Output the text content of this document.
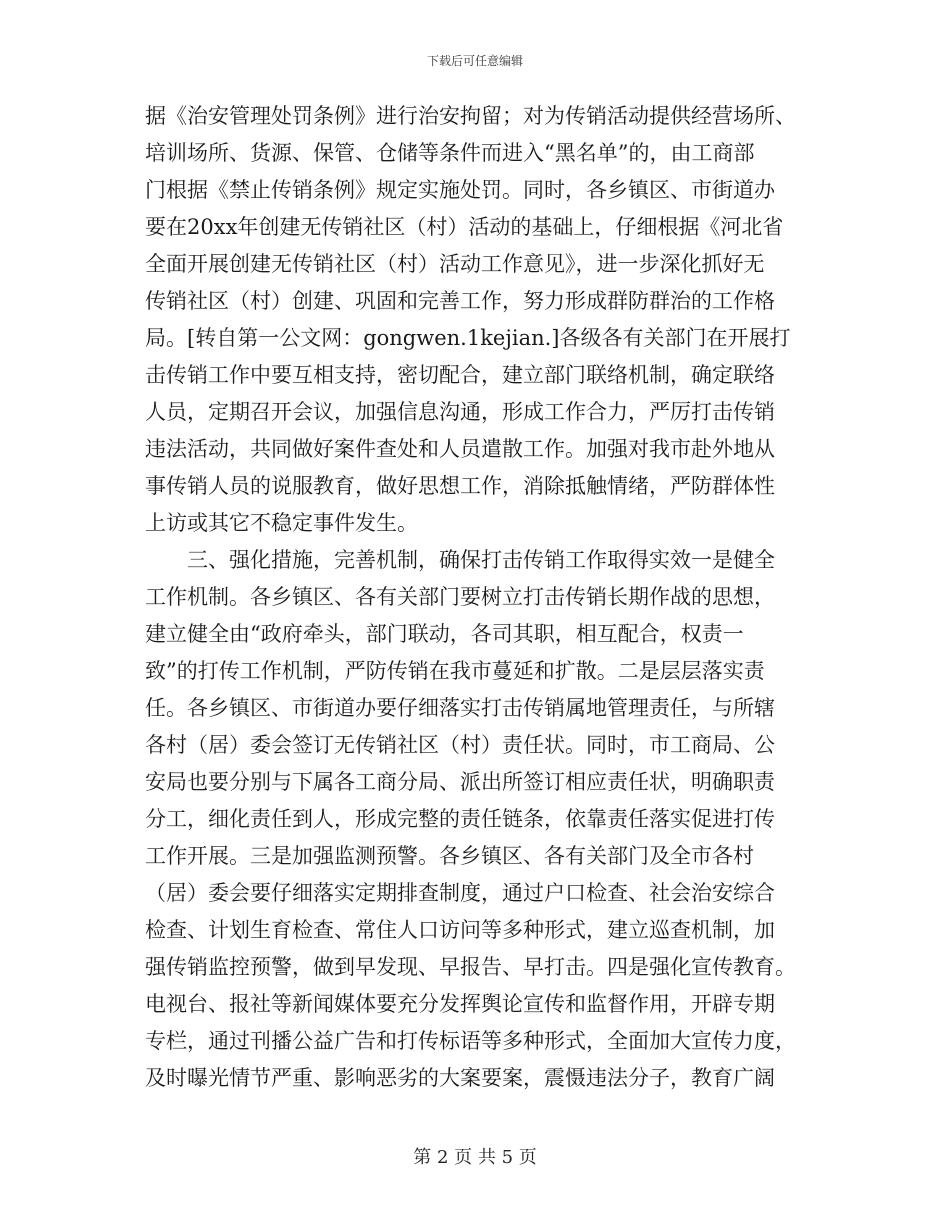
下载后可任意编辑
据《治安管理处罚条例》进行治安拘留；对为传销活动提供经营场所、
培训场所、货源、保管、仓储等条件而进入“黑名单”的，由工商部
门根据《禁止传销条例》规定实施处罚。同时，各乡镇区、市街道办
要在20xx年创建无传销社区（村）活动的基础上，仔细根据《河北省
全面开展创建无传销社区（村）活动工作意见》，进一步深化抓好无
传销社区（村）创建、巩固和完善工作，努力形成群防群治的工作格
局。[转自第一公文网：gongwen.1kejian.]各级各有关部门在开展打
击传销工作中要互相支持，密切配合，建立部门联络机制，确定联络
人员，定期召开会议，加强信息沟通，形成工作合力，严厉打击传销
违法活动，共同做好案件查处和人员遣散工作。加强对我市赴外地从
事传销人员的说服教育，做好思想工作，消除抵触情绪，严防群体性
上访或其它不稳定事件发生。
　　三、强化措施，完善机制，确保打击传销工作取得实效一是健全
工作机制。各乡镇区、各有关部门要树立打击传销长期作战的思想，
建立健全由“政府牵头，部门联动，各司其职，相互配合，权责一
致”的打传工作机制，严防传销在我市蔓延和扩散。二是层层落实责
任。各乡镇区、市街道办要仔细落实打击传销属地管理责任，与所辖
各村（居）委会签订无传销社区（村）责任状。同时，市工商局、公
安局也要分别与下属各工商分局、派出所签订相应责任状，明确职责
分工，细化责任到人，形成完整的责任链条，依靠责任落实促进打传
工作开展。三是加强监测预警。各乡镇区、各有关部门及全市各村
（居）委会要仔细落实定期排查制度，通过户口检查、社会治安综合
检查、计划生育检查、常住人口访问等多种形式，建立巡查机制，加
强传销监控预警，做到早发现、早报告、早打击。四是强化宣传教育。
电视台、报社等新闻媒体要充分发挥舆论宣传和监督作用，开辟专期
专栏，通过刊播公益广告和打传标语等多种形式，全面加大宣传力度，
及时曝光情节严重、影响恶劣的大案要案，震慑违法分子，教育广阔
第 2 页 共 5 页
